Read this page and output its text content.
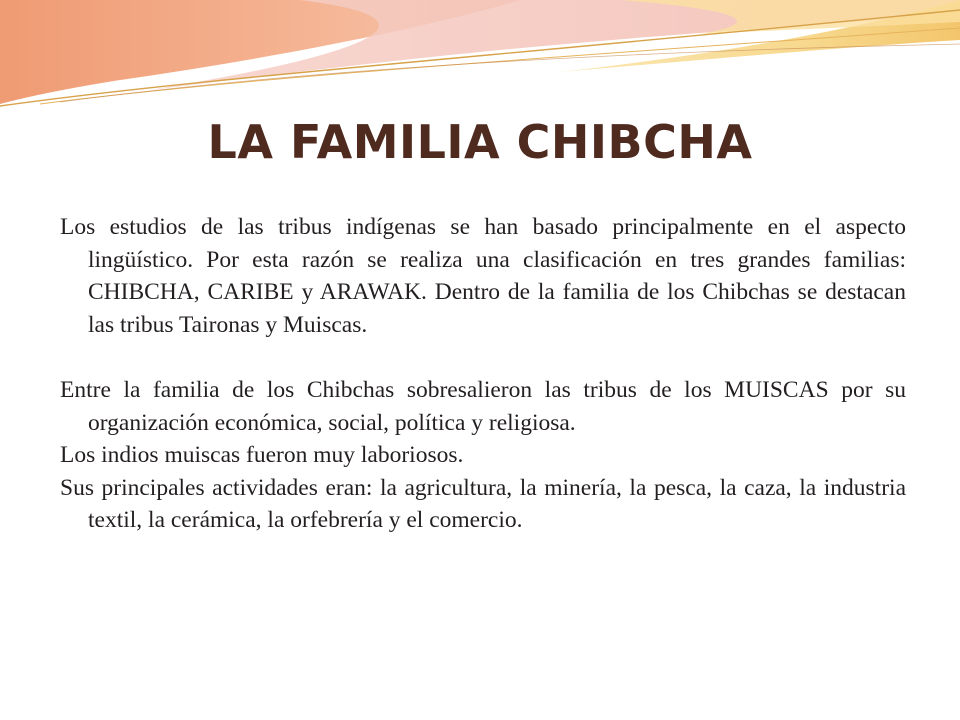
LA FAMILIA CHIBCHA

Los estudios de las tribus indígenas se han basado principalmente en el aspecto lingüístico. Por esta razón se realiza una clasificación en tres grandes familias: CHIBCHA, CARIBE y ARAWAK. Dentro de la familia de los Chibchas se destacan las tribus Taironas y Muiscas.

Entre la familia de los Chibchas sobresalieron las tribus de los MUISCAS por su organización económica, social, política y religiosa.

Los indios muiscas fueron muy laboriosos.

Sus principales actividades eran: la agricultura, la minería, la pesca, la caza, la industria textil, la cerámica, la orfebrería y el comercio.
